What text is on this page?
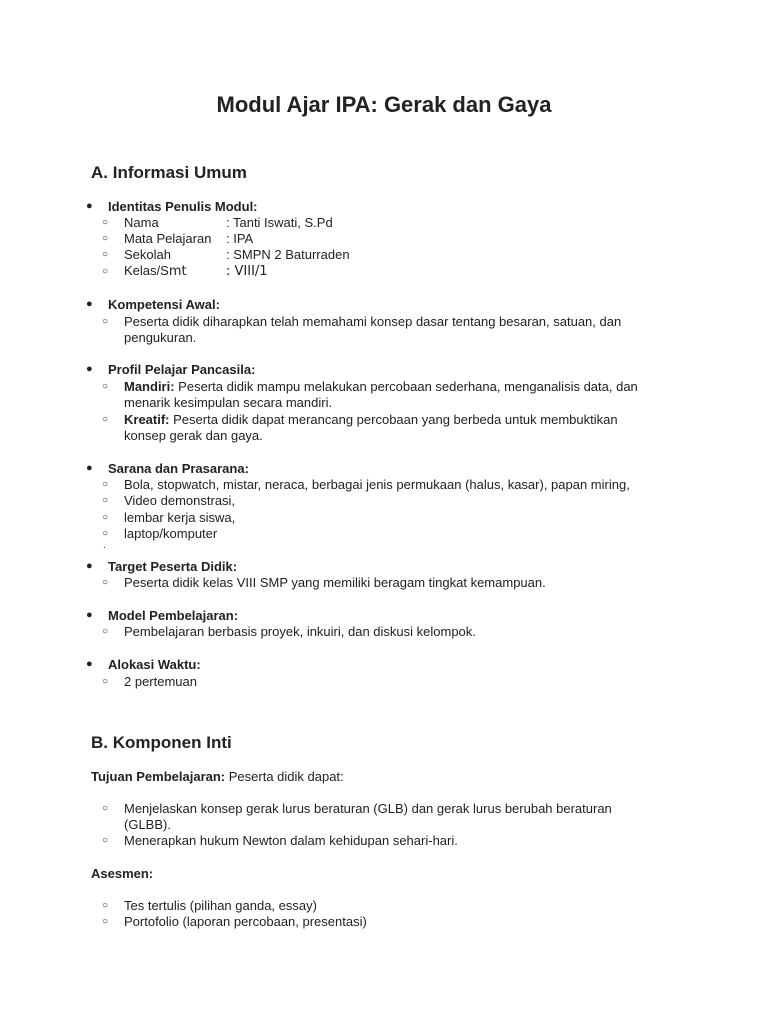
Modul Ajar IPA: Gerak dan Gaya
A. Informasi Umum
● Identitas Penulis Modul:
○ Nama	: Tanti Iswati, S.Pd
○ Mata Pelajaran : IPA
○ Sekolah	: SMPN 2 Baturraden
○ Kelas/Smt	: VIII/1
● Kompetensi Awal:
○ Peserta didik diharapkan telah memahami konsep dasar tentang besaran, satuan, dan
pengukuran.
● Profil Pelajar Pancasila:
○ Mandiri: Peserta didik mampu melakukan percobaan sederhana, menganalisis data, dan
menarik kesimpulan secara mandiri.
○ Kreatif: Peserta didik dapat merancang percobaan yang berbeda untuk membuktikan
konsep gerak dan gaya.
● Sarana dan Prasarana:
○ Bola, stopwatch, mistar, neraca, berbagai jenis permukaan (halus, kasar), papan miring,
○ Video demonstrasi,
○ lembar kerja siswa,
○ laptop/komputer
.
● Target Peserta Didik:
○ Peserta didik kelas VIII SMP yang memiliki beragam tingkat kemampuan.
● Model Pembelajaran:
○ Pembelajaran berbasis proyek, inkuiri, dan diskusi kelompok.
● Alokasi Waktu:
○ 2 pertemuan
B. Komponen Inti
Tujuan Pembelajaran: Peserta didik dapat:
○ Menjelaskan konsep gerak lurus beraturan (GLB) dan gerak lurus berubah beraturan
(GLBB).
○ Menerapkan hukum Newton dalam kehidupan sehari-hari.
Asesmen:
○ Tes tertulis (pilihan ganda, essay)
○ Portofolio (laporan percobaan, presentasi)
